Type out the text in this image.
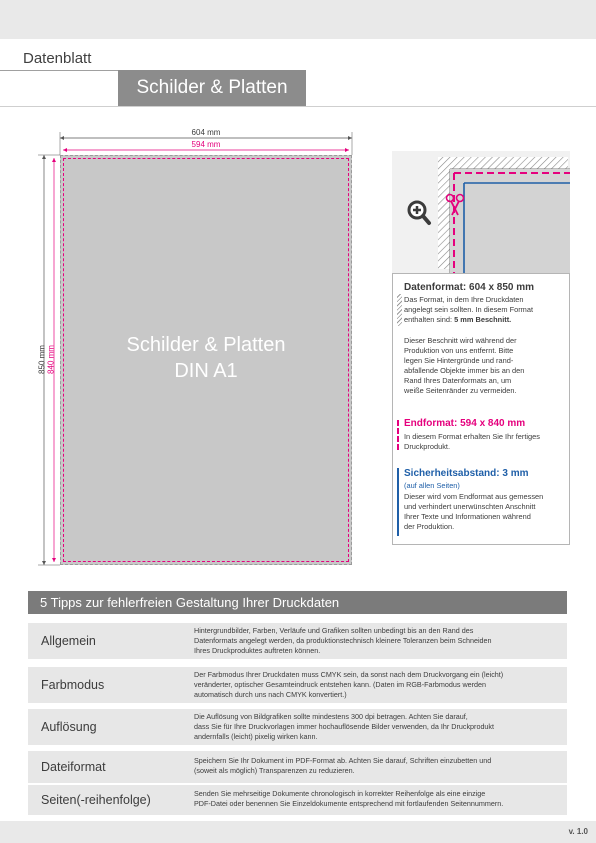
Datenblatt
Schilder & Platten
604 mm
594 mm
850 mm 840 mm
Schilder & Platten
DIN A1
Datenformat: 604 x 850 mm
Das Format, in dem Ihre Druckdaten
angelegt sein sollten. In diesem Format
enthalten sind: 5 mm Beschnitt.
Dieser Beschnitt wird während der
Produktion von uns entfernt. Bitte
legen Sie Hintergründe und rand-
abfallende Objekte immer bis an den
Rand Ihres Datenformats an, um
weiße Seitenränder zu vermeiden.
Endformat: 594 x 840 mm
In diesem Format erhalten Sie Ihr fertiges
Druckprodukt.
Sicherheitsabstand: 3 mm
(auf allen Seiten)
Dieser wird vom Endformat aus gemessen
und verhindert unerwünschten Anschnitt
Ihrer Texte und Informationen während
der Produktion.
5 Tipps zur fehlerfreien Gestaltung Ihrer Druckdaten
Allgemein
Hintergrundbilder, Farben, Verläufe und Grafiken sollten unbedingt bis an den Rand des
Datenformats angelegt werden, da produktionstechnisch kleinere Toleranzen beim Schneiden
Ihres Druckproduktes auftreten können.
Farbmodus
Der Farbmodus Ihrer Druckdaten muss CMYK sein, da sonst nach dem Druckvorgang ein (leicht)
veränderter, optischer Gesamteindruck entstehen kann. (Daten im RGB-Farbmodus werden
automatisch durch uns nach CMYK konvertiert.)
Auflösung
Die Auflösung von Bildgrafiken sollte mindestens 300 dpi betragen. Achten Sie darauf,
dass Sie für Ihre Druckvorlagen immer hochauflösende Bilder verwenden, da Ihr Druckprodukt
andernfalls (leicht) pixelig wirken kann.
Dateiformat	Speichern Sie Ihr Dokument im PDF-Format ab. Achten Sie darauf, Schriften einzubetten und
(soweit als möglich) Transparenzen zu reduzieren.
Seiten(-reihenfolge)	Senden Sie mehrseitige Dokumente chronologisch in korrekter Reihenfolge als eine einzige
PDF-Datei oder benennen Sie Einzeldokumente entsprechend mit fortlaufenden Seitennummern.
v. 1.0
